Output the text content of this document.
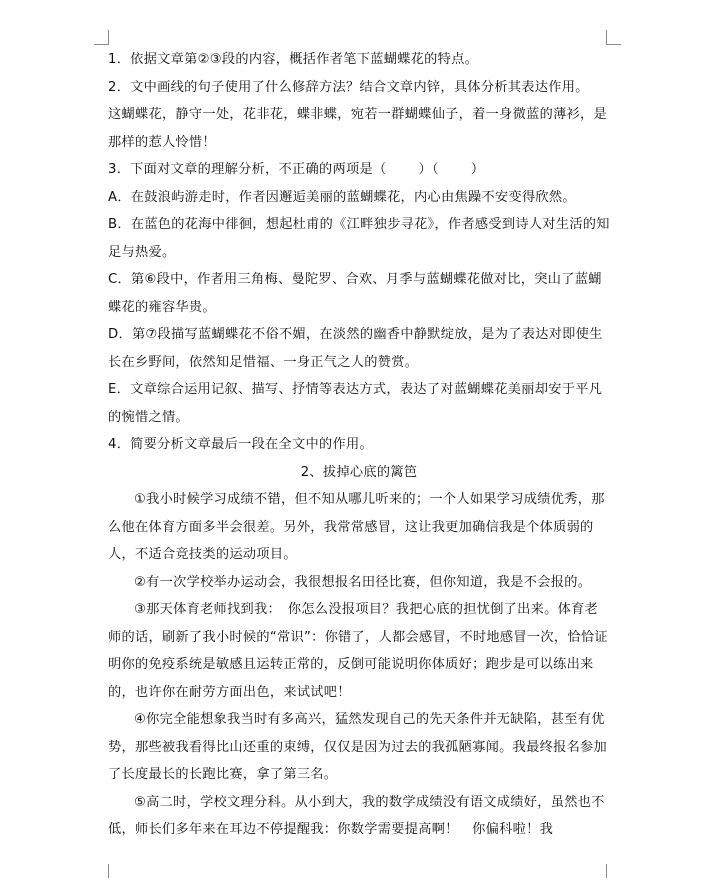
1．依据文章第②③段的内容，概括作者笔下蓝蝴蝶花的特点。

2．文中画线的句子使用了什么修辞方法？结合文章内锌，具体分析其表达作用。

这蝴蝶花，静守一处，花非花，蝶非蝶，宛若一群蝴蝶仙子，着一身微蓝的薄衫，是那样的惹人怜惜！

3．下面对文章的理解分析，不正确的两项是（ ）（ ）

A．在鼓浪屿游走时，作者因邂逅美丽的蓝蝴蝶花，内心由焦躁不安变得欣然。

B．在蓝色的花海中徘徊，想起杜甫的《江畔独步寻花》，作者感受到诗人对生活的知足与热爱。

C．第⑥段中，作者用三角梅、曼陀罗、合欢、月季与蓝蝴蝶花做对比，突山了蓝蝴蝶花的雍容华贵。

D．第⑦段描写蓝蝴蝶花不俗不媚，在淡然的幽香中静默绽放，是为了表达对即使生长在乡野间，依然知足惜福、一身正气之人的赞赏。

E．文章综合运用记叙、描写、抒情等表达方式，表达了对蓝蝴蝶花美丽却安于平凡的惋惜之情。

4．简要分析文章最后一段在全文中的作用。

2、拔掉心底的篱笆

①我小时候学习成绩不错，但不知从哪儿听来的；一个人如果学习成绩优秀，那么他在体育方面多半会很差。另外，我常常感冒，这让我更加确信我是个体质弱的人，不适合竞技类的运动项目。

②有一次学校举办运动会，我很想报名田径比赛，但你知道，我是不会报的。

③那天体育老师找到我：　你怎么没报项目？我把心底的担忧倒了出来。体育老师的话，刷新了我小时候的“常识”：你错了，人都会感冒，不时地感冒一次，恰恰证明你的免疫系统是敏感且运转正常的，反倒可能说明你体质好；跑步是可以练出来的，也许你在耐劳方面出色，来试试吧！

④你完全能想象我当时有多高兴，猛然发现自己的先天条件并无缺陷，甚至有优势，那些被我看得比山还重的束缚，仅仅是因为过去的我孤陋寡闻。我最终报名参加了长度最长的长跑比赛，拿了第三名。

⑤高二时，学校文理分科。从小到大，我的数学成绩没有语文成绩好，虽然也不低，师长们多年来在耳边不停提醒我：你数学需要提高啊！　你偏科啦！我
